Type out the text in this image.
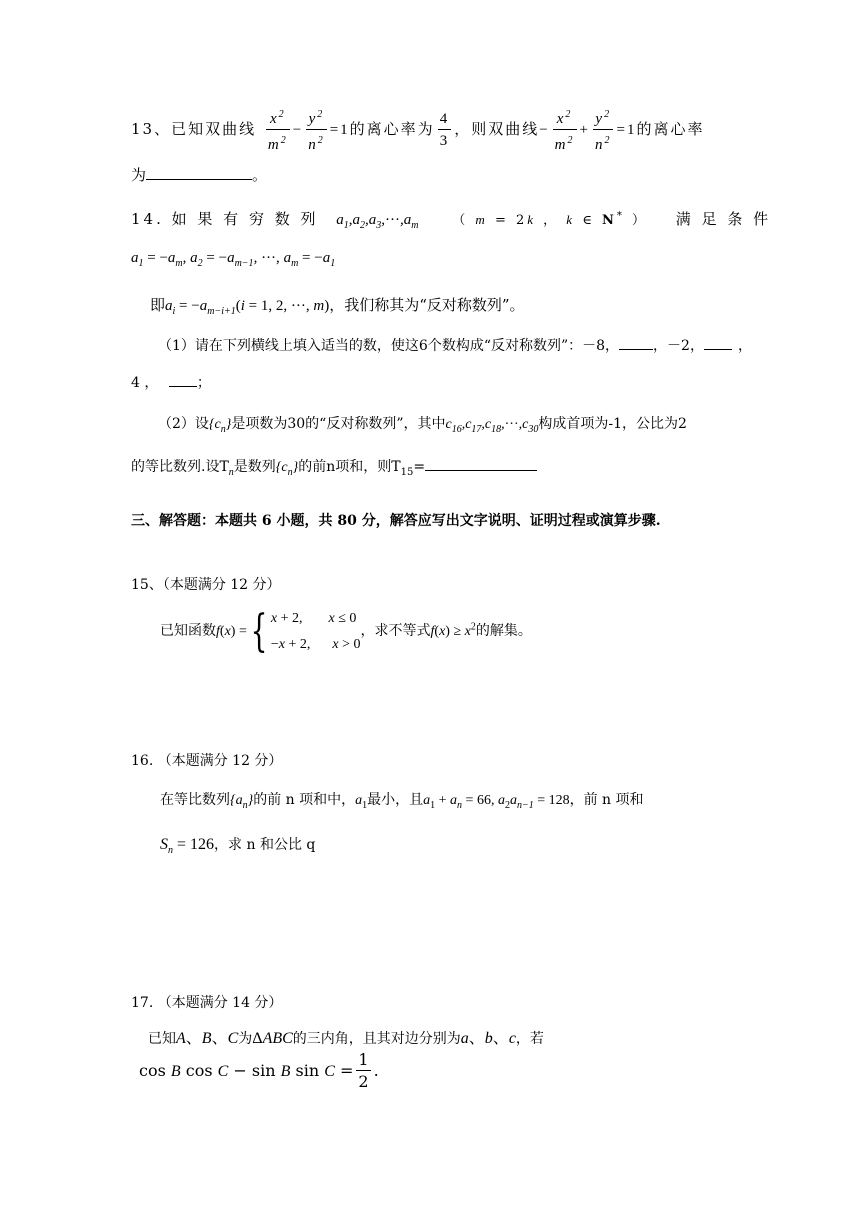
13、已知双曲线 $\frac{x^2}{m^2} - \frac{y^2}{n^2} =1$的离心率为 $\frac{4}{3}$ ，则双曲线− $\frac{x^2}{m^2} + \frac{y^2}{n^2} =1$的离心率
为	。
14. 如 果 有 穷 数 列 $a_1,a_2,a_3,\cdot\cdot\cdot,a_m$	（ m = 2k ， k ∈ N* ） 满 足 条 件
$a_1 = -a_m$, $a_2 = -a_{m-1}$, ···, $a_m = -a_1$
即$a_i = -a_{m-i+1}(i = 1$, 2, ···, m)，我们称其为“反对称数列”。
（1）请在下列横线上填入适当的数，使这6个数构成“反对称数列”：－8， ，－2， ，
4 ，	；
（2）设$\{c_n\}$是项数为30的“反对称数列”，其中$c_{16},c_{17},c_{18},\cdot\cdot\cdot,c_{30}$构成首项为-1，公比为2
的等比数列.设$T_n$是数列$\{c_n\}$的前n项和，则$T_{15}=$
三、解答题：本题共 6 小题，共 80 分，解答应写出文字说明、证明过程或演算步骤.
15、（本题满分 12 分）
已知函数f(x) ={ x + 2, x ≤ 0
−x + 2, x > 0
，求不等式$f(x) \ge x^2$的解集。
16. （本题满分 12 分）
在等比数列$\{a_n\}$的前 n 项和中，$a_1$最小，且$a_1 + a_n = 66$, $a_2a_{n-1} = 128$，前 n 项和
$S_n = 126$，求 n 和公比 q
17. （本题满分 14 分）
已知A、B、C为ΔABC的三内角，且其对边分别为a、b、c，若
cos B cos C − sin B $\sin C = \frac{1}{2}$ .
